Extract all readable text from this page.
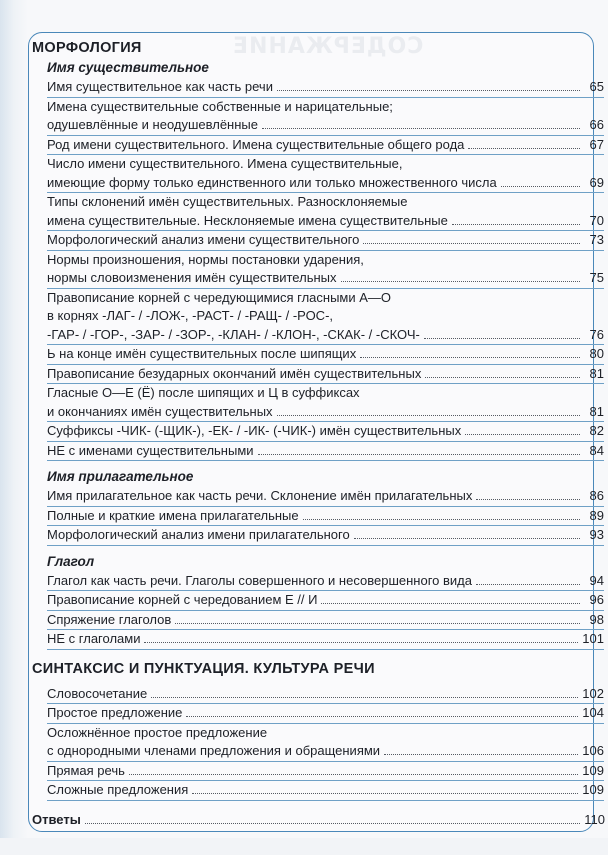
СОДЕРЖАНИЕ
МОРФОЛОГИЯ
Имя существительное
Имя существительное как часть речи	65
Имена существительные собственные и нарицательные;
одушевлённые и неодушевлённые	66
Род имени существительного. Имена существительные общего рода	67
Число имени существительного. Имена существительные,
имеющие форму только единственного или только множественного числа	69
Типы склонений имён существительных. Разносклоняемые
имена существительные. Несклоняемые имена существительные	70
Морфологический анализ имени существительного	73
Нормы произношения, нормы постановки ударения,
нормы словоизменения имён существительных	75
Правописание корней с чередующимися гласными А—О
в корнях -ЛАГ- / -ЛОЖ-, -РАСТ- / -РАЩ- / -РОС-,
-ГАР- / -ГОР-, -ЗАР- / -ЗОР-, -КЛАН- / -КЛОН-, -СКАК- / -СКОЧ-	76
Ь на конце имён существительных после шипящих	80
Правописание безударных окончаний имён существительных	81
Гласные О—Е (Ё) после шипящих и Ц в суффиксах
и окончаниях имён существительных	81
Суффиксы -ЧИК- (-ЩИК-), -ЕК- / -ИК- (-ЧИК-) имён существительных	82
НЕ с именами существительными	84
Имя прилагательное
Имя прилагательное как часть речи. Склонение имён прилагательных	86
Полные и краткие имена прилагательные	89
Морфологический анализ имени прилагательного	93
Глагол
Глагол как часть речи. Глаголы совершенного и несовершенного вида	94
Правописание корней с чередованием Е // И	96
Спряжение глаголов	98
НЕ с глаголами	101
СИНТАКСИС И ПУНКТУАЦИЯ. КУЛЬТУРА РЕЧИ
Словосочетание	102
Простое предложение	104
Осложнённое простое предложение
с однородными членами предложения и обращениями	106
Прямая речь	109
Сложные предложения	109
Ответы	110
